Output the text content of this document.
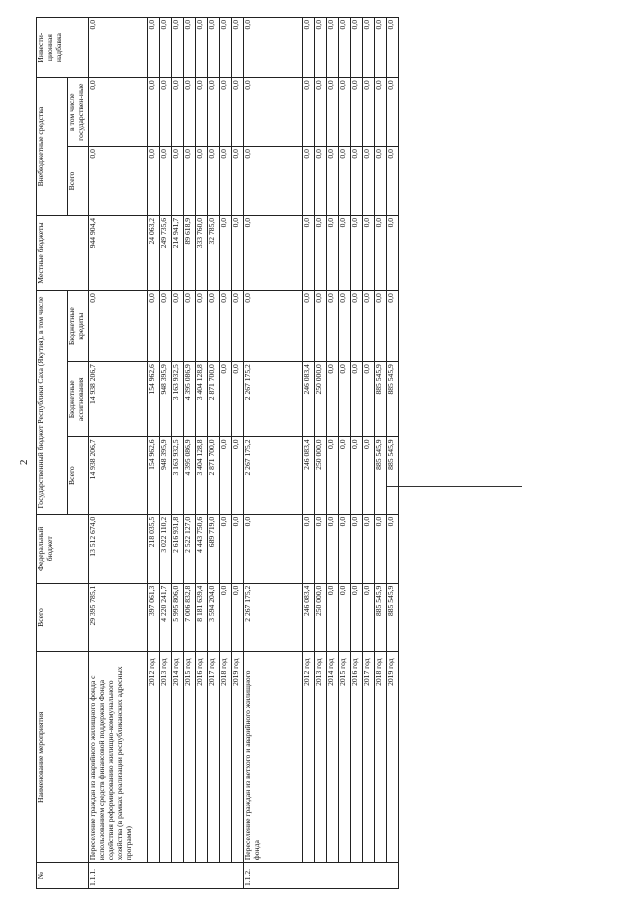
2
№	Наименование мероприятия	Всего	Федеральный бюджет	Государственный бюджет Республики Саха (Якутия), в том числе			Местные бюджеты	Внебюджетные средства		Инвести-ционная надбавка
				Всего	Бюджетные ассигнования	Бюджетные кредиты		Всего	в том числе государствен-ные	
1.1.1.	Переселение граждан из аварийного жилищного фонда с использованием средств финансовой поддержки Фонда содействия реформированию жилищно-коммунального хозяйства (в рамках реализации республиканских адресных программ)	29 395 785,1	13 512 674,0	14 938 206,7	14 938 206,7	0,0	944 904,4	0,0	0,0	0,0
	2012 год	397 061,3	218 035,5	154 962,6	154 962,6	0,0	24 063,2	0,0	0,0	0,0
	2013 год	4 220 241,7	3 022 110,2	948 395,9	948 395,9	0,0	249 735,6	0,0	0,0	0,0
	2014 год	5 995 806,0	2 616 931,8	3 163 932,5	3 163 932,5	0,0	214 941,7	0,0	0,0	0,0
	2015 год	7 006 832,8	2 522 127,0	4 395 086,9	4 395 086,9	0,0	89 618,9	0,0	0,0	0,0
	2016 год	8 181 639,4	4 443 750,6	3 404 128,8	3 404 128,8	0,0	333 760,0	0,0	0,0	0,0
	2017 год	3 594 204,0	689 719,0	2 871 700,0	2 871 700,0	0,0	32 785,0	0,0	0,0	0,0
	2018 год	0,0	0,0	0,0	0,0	0,0	0,0	0,0	0,0	0,0
	2019 год	0,0	0,0	0,0	0,0	0,0	0,0	0,0	0,0	0,0
1.1.2.	Переселение граждан из ветхого и аварийного жилищного фонда	2 267 175,2	0,0	2 267 175,2	2 267 175,2	0,0	0,0	0,0	0,0	0,0
	2012 год	246 083,4	0,0	246 083,4	246 083,4	0,0	0,0	0,0	0,0	0,0
	2013 год	250 000,0	0,0	250 000,0	250 000,0	0,0	0,0	0,0	0,0	0,0
	2014 год	0,0	0,0	0,0	0,0	0,0	0,0	0,0	0,0	0,0
	2015 год	0,0	0,0	0,0	0,0	0,0	0,0	0,0	0,0	0,0
	2016 год	0,0	0,0	0,0	0,0	0,0	0,0	0,0	0,0	0,0
	2017 год	0,0	0,0	0,0	0,0	0,0	0,0	0,0	0,0	0,0
	2018 год	885 545,9	0,0	885 545,9	885 545,9	0,0	0,0	0,0	0,0	0,0
	2019 год	885 545,9	0,0	885 545,9	885 545,9	0,0	0,0	0,0	0,0	0,0
